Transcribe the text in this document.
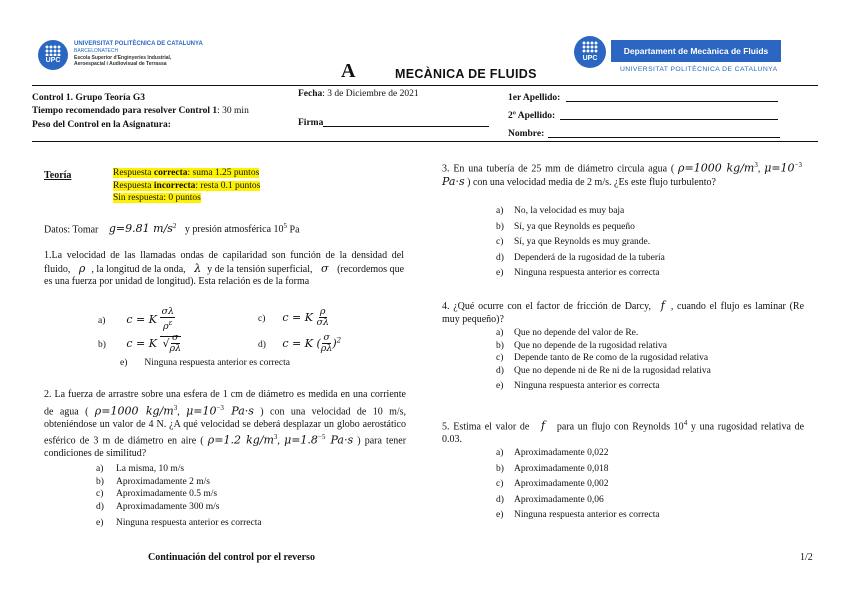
UPC
UNIVERSITAT POLITÈCNICA DE CATALUNYA
BARCELONATECH
Escola Superior d'Enginyeries Industrial,
Aeroespacial i Audiovisual de Terrassa	A	MECÀNICA DE FLUIDS
UPC
Departament de Mecànica de Fluids
UNIVERSITAT POLITÈCNICA DE CATALUNYA
Control 1. Grupo Teoría G3
Tiempo recomendado para resolver Control 1: 30 min
Peso del Control en la Asignatura:
Fecha: 3 de Diciembre de 2021
Firma
1er Apellido:
2º Apellido:
Nombre:
Teoría	Respuesta correcta: suma 1.25 puntos
Respuesta incorrecta: resta 0.1 puntos
Sin respuesta: 0 puntos
Datos: Tomar g=9.81 $m/s^2$ y presión atmosférica $10^5$ Pa
1.La velocidad de las llamadas ondas de capilaridad son función de la densidad del fluido, ρ , la longitud de la onda, λ y de la tensión superficial, σ (recordemos que es una fuerza por unidad de longitud). Esta relación es de la forma
a) c = K $\frac{\sigma\lambda}{\rho^\varepsilon}$	c) c = K $\frac{\rho}{\sigma\lambda}$
b) c = K √ $\frac{\sigma}{\rho\lambda}$	d) c = K ( $\frac{\sigma}{\rho\lambda} )^2$
e) Ninguna respuesta anterior es correcta
2. La fuerza de arrastre sobre una esfera de 1 cm de diámetro es medida en una corriente de agua ( ρ=1000 $kg/m^3$, $\mu=10^{-3}$ Pa·s ) con una velocidad de 10 m/s, obteniéndose un valor de 4 N. ¿A qué velocidad se deberá desplazar un globo aerostático esférico de 3 m de diámetro en aire ( ρ=1.2 $kg/m^3$, $\mu=1.8^{-5}$ Pa·s ) para tener condiciones de similitud?
a) La misma, 10 m/s
b) Aproximadamente 2 m/s
c) Aproximadamente 0.5 m/s
d) Aproximadamente 300 m/s
e) Ninguna respuesta anterior es correcta
3. En una tubería de 25 mm de diámetro circula agua ( ρ=1000 $kg/m^3$, $\mu=10^{-3}$ Pa·s ) con una velocidad media de 2 m/s. ¿Es este flujo turbulento?
a) No, la velocidad es muy baja
b) Sí, ya que Reynolds es pequeño
c) Sí, ya que Reynolds es muy grande.
d) Dependerá de la rugosidad de la tubería
e) Ninguna respuesta anterior es correcta
4. ¿Qué ocurre con el factor de fricción de Darcy, f , cuando el flujo es laminar (Re muy pequeño)?
a) Que no depende del valor de Re.
b) Que no depende de la rugosidad relativa
c) Depende tanto de Re como de la rugosidad relativa
d) Que no depende ni de Re ni de la rugosidad relativa
e) Ninguna respuesta anterior es correcta
5. Estima el valor de f para un flujo con Reynolds $10^4$ y una rugosidad relativa de 0.03.
a) Aproximadamente 0,022
b) Aproximadamente 0,018
c) Aproximadamente 0,002
d) Aproximadamente 0,06
e) Ninguna respuesta anterior es correcta
Continuación del control por el reverso	1/2
